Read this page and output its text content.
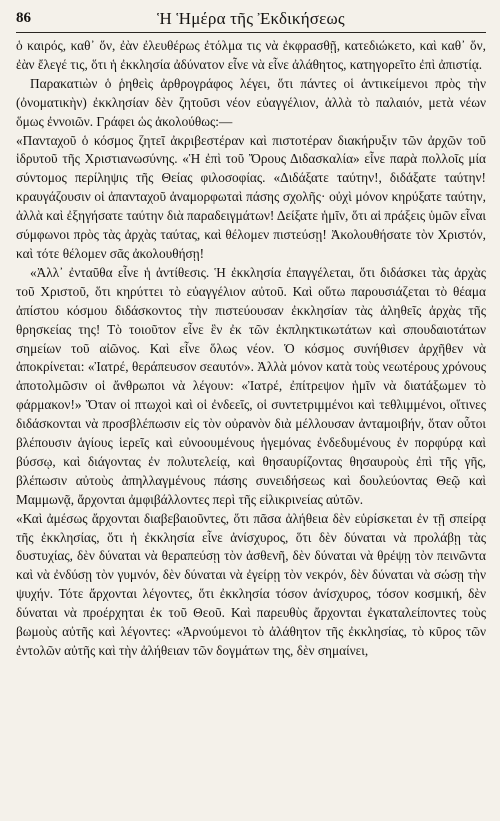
86	Ἡ Ἡμέρα τῆς Ἐκδικήσεως

ὁ καιρός, καθ᾿ ὅν, ἐὰν ἐλευθέρως ἐτόλμα τις νὰ ἐκφρασθῇ, κατεδιώκετο, καὶ καθ᾿ ὅν, ἐὰν ἔλεγέ τις, ὅτι ἡ ἐκκλησία ἀδύνατον εἶνε νὰ εἶνε ἀλάθητος, κατηγορεῖτο ἐπὶ ἀπιστίᾳ.

Παρακατιὼν ὁ ῥηθεὶς ἀρθρογράφος λέγει, ὅτι πάντες οἱ ἀντικείμενοι πρὸς τὴν (ὀνοματικὴν) ἐκκλησίαν δὲν ζητοῦσι νέον εὐαγγέλιον, ἀλλὰ τὸ παλαιόν, μετὰ νέων ὅμως ἐννοιῶν. Γράφει ὡς ἀκολούθως:—

«Πανταχοῦ ὁ κόσμος ζητεῖ ἀκριβεστέραν καὶ πιστοτέραν διακήρυξιν τῶν ἀρχῶν τοῦ ἱδρυτοῦ τῆς Χριστιανωσύνης. «Ἡ ἐπὶ τοῦ Ὄρους Διδασκαλία» εἶνε παρὰ πολλοῖς μία σύντομος περίληψις τῆς Θείας φιλοσοφίας. «Διδάξατε ταύτην!, διδάξατε ταύτην! κραυγάζουσιν οἱ ἀπανταχοῦ ἀναμορφωταὶ πάσης σχολῆς· οὐχὶ μόνον κηρύξατε ταύτην, ἀλλὰ καὶ ἐξηγήσατε ταύτην διὰ παραδειγμάτων! Δείξατε ἡμῖν, ὅτι αἱ πράξεις ὑμῶν εἶναι σύμφωνοι πρὸς τὰς ἀρχὰς ταύτας, καὶ θέλομεν πιστεύσῃ! Ἀκολουθήσατε τὸν Χριστόν, καὶ τότε θέλομεν σᾶς ἀκολουθήσῃ!

«Ἀλλ᾿ ἐνταῦθα εἶνε ἡ ἀντίθεσις. Ἡ ἐκκλησία ἐπαγγέλεται, ὅτι διδάσκει τὰς ἀρχὰς τοῦ Χριστοῦ, ὅτι κηρύττει τὸ εὐαγγέλιον αὐτοῦ. Καὶ οὕτω παρουσιάζεται τὸ θέαμα ἀπίστου κόσμου διδάσκοντος τὴν πιστεύουσαν ἐκκλησίαν τὰς ἀληθεῖς ἀρχὰς τῆς θρησκείας της! Τὸ τοιοῦτον εἶνε ἓν ἐκ τῶν ἐκπληκτικωτάτων καὶ σπουδαιοτάτων σημείων τοῦ αἰῶνος. Καὶ εἶνε ὅλως νέον. Ὁ κόσμος συνήθισεν ἀρχῆθεν νὰ ἀποκρίνεται: «Ἰατρέ, θεράπευσον σεαυτόν». Ἀλλὰ μόνον κατὰ τοὺς νεωτέρους χρόνους ἀποτολμῶσιν οἱ ἄνθρωποι νὰ λέγουν: «Ἰατρέ, ἐπίτρεψον ἡμῖν νὰ διατάξωμεν τὸ φάρμακον!» Ὅταν οἱ πτωχοὶ καὶ οἱ ἐνδεεῖς, οἱ συντετριμμένοι καὶ τεθλιμμένοι, οἵτινες διδάσκονται νὰ προσβλέπωσιν εἰς τὸν οὐρανὸν διὰ μέλλουσαν ἀνταμοιβήν, ὅταν οὗτοι βλέπουσιν ἁγίους ἱερεῖς καὶ εὐνοουμένους ἡγεμόνας ἐνδεδυμένους ἐν πορφύρᾳ καὶ βύσσῳ, καὶ διάγοντας ἐν πολυτελείᾳ, καὶ θησαυρίζοντας θησαυροὺς ἐπὶ τῆς γῆς, βλέπωσιν αὐτοὺς ἀπηλλαγμένους πάσης συνειδήσεως καὶ δουλεύοντας Θεῷ καὶ Μαμμωνᾷ, ἄρχονται ἀμφιβάλλοντες περὶ τῆς εἰλικρινείας αὐτῶν.

«Καὶ ἀμέσως ἄρχονται διαβεβαιοῦντες, ὅτι πᾶσα ἀλήθεια δὲν εὑρίσκεται ἐν τῇ σπείρᾳ τῆς ἐκκλησίας, ὅτι ἡ ἐκκλησία εἶνε ἀνίσχυρος, ὅτι δὲν δύναται νὰ προλάβῃ τὰς δυστυχίας, δὲν δύναται νὰ θεραπεύσῃ τὸν ἀσθενῆ, δὲν δύναται νὰ θρέψῃ τὸν πεινῶντα καὶ νὰ ἐνδύσῃ τὸν γυμνόν, δὲν δύναται νὰ ἐγείρῃ τὸν νεκρόν, δὲν δύναται νὰ σώσῃ τὴν ψυχήν. Τότε ἄρχονται λέγοντες, ὅτι ἐκκλησία τόσον ἀνίσχυρος, τόσον κοσμική, δὲν δύναται νὰ προέρχηται ἐκ τοῦ Θεοῦ. Καὶ παρευθὺς ἄρχονται ἐγκαταλείποντες τοὺς βωμοὺς αὐτῆς καὶ λέγοντες: «Ἀρνούμενοι τὸ ἀλάθητον τῆς ἐκκλησίας, τὸ κῦρος τῶν ἐντολῶν αὐτῆς καὶ τὴν ἀλήθειαν τῶν δογμάτων της, δὲν σημαίνει,
